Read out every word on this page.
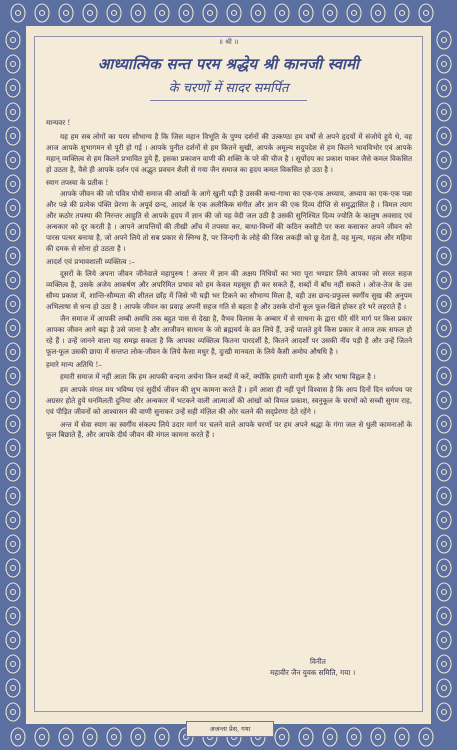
॥ श्री ॥
आध्यात्मिक सन्त परम श्रद्धेय श्री कानजी स्वामी
के चरणों में सादर समर्पित

मान्यवर !

यह हम सब लोगों का परम सौभाग्य है कि जिस महान विभूति के पुण्य दर्शनों की उत्कण्ठा हम वर्षों से अपने हृदयों में संजोये हुये थे, वह आज आपके शुभागमन से पूरी हो गई । आपके पुनीत दर्शनों से हम कितने सुखी, आपके अमूल्य सदुपदेश से हम कितने भावविभोर एवं आपके महान् व्यक्तित्व से हम कितने प्रभावित हुये हैं, इसका प्रकाशन वाणी की शक्ति के परे की चीज है । सूर्योदय का प्रकाश पाकर जैसे कमल विकसित हो उठता है, वैसे ही आपके दर्शन एवं अद्भुत प्रवचन शैली से गया जैन समाज का हृदय कमल विकसित हो उठा है ।

स्याग तपस्या के प्रतीक !

आपके जीवन की जो पवित्र पोथी समाज की आंखों के आगे खुली पड़ी है उसकी कथा-गाथा का एक-एक अध्याय, अध्याय का एक-एक पन्ना और पन्ने की प्रत्येक पंक्ति प्रेरणा के अपूर्व छन्द, आदर्श के एक अलौकिक संगीत और ज्ञान की एक दिव्य दीप्ति से समुद्भासित है । विमल त्याग और कठोर तपस्या की निरन्तर आहुति से आपके हृदय में ज्ञान की जो यह वेदी जल उठी है उसकी सुनिश्चित दिव्य ज्योति के कालुष अवसाद एवं अन्धकार को दूर करती है । आपने आपत्तियों की तीखी आँच में तपस्या कर, बाधा-विघ्नों की कठिन कसौटी पर कस कसाकर अपने जीवन को पारस पत्थर बनाया है, जो अपने लिये तो सब प्रकार से स्निग्ध है, पर जिन्दगी के लोहे की जिस लकड़ी को छू देता है, वह मूल्य, महत्व और महिमा की दमक से सोना हो उठता है ।

आदर्श एवं प्रभावशाली व्यक्तित्व :–

दूसरों के लिये अपना जीवन जीनेवाले महापुरुष ! अन्तर में ज्ञान की अक्षय निधियों का भरा पूरा भण्डार लिये आपका जो सरल सहज व्यक्तित्व है, उसके अजेय आकर्षण और अपरिमित प्रभाव को हम केवल महसूस ही कर सकते हैं, शब्दों में बाँध नहीं सकते । ओज-तेज के उस सौम्य प्रकाश में, शान्ति-सौम्यता की शीतल छाँह में जिसे भी घड़ी भर टिकने का सौभाग्य मिला है, वही उस छन्द-प्रफुल्ल स्वर्गीय सुख की अनुपम अभिलाषा से धन्य हो उठा है । आपके जीवन का प्रवाह अपनी सहज गति से बहता है और उसके दोनों कूल फूल-खिले होकर हरे भरे लहराते हैं ।

जैन समाज में आपकी लम्बी अवधि तक बहुत पास से देखा है, वैभव विलास के अम्बार में से साधना के द्वारा धीरे धीरे मार्ग पर किस प्रकार आपका जीवन आगे बढ़ा है उसे जाना है और आजीवन साधना के जो ब्रह्मचर्य के व्रत लिये हैं, उन्हें पालते हुये किस प्रकार वे आज तक सफल हो रहे हैं । उन्हें जानने वाला यह समझ सकता है कि आपका व्यक्तित्व कितना पारदर्शी है, कितने आदर्शों पर उसकी नींव पड़ी है और उन्हें जितने फूल-फूल उसकी छाया में सन्तप्त लोक-जीवन के लिये कैसा मधुर है, दुःखी मानवता के लिये कैसी अमोघ औषधि है ।

हमारे मान्य अतिथि !–

हमारी समाज में नहीं आता कि हम आपकी वन्दना अर्चना किन शब्दों में करें, क्योंकि हमारी वाणी मूक है और भाषा विह्वल है ।

हम आपके मंगल मय भविष्य एवं सुदीर्घ जीवन की शुभ कामना करते हैं । हमें आशा ही नहीं पूर्ण विश्वास है कि आप दिनों दिन धर्मपथ पर अग्रसर होते हुये धनमिलती दुनिया और अन्धकार में भटकने वाली आत्माओं की आंखों को विमल प्रकाश, स्वनुकूल के चरणों को सच्ची सुगम राह, एवं पीड़ित जीवनों को आश्वासन की वाणी सुनाकर उन्हें सही मंज़िल की ओर चलने की सद्प्रेरणा देते रहेंगे ।

अन्त में सेवा स्याग का स्वर्गीय संकल्प लिये उदार मार्ग पर चलने वाले आपके चरणों पर हम अपने श्रद्धा के गंगा जल से धुली कामनाओं के फूल बिछाते हैं, और आपके दीर्घ जीवन की मंगल कामना करते हैं ।

विनीत
महावीर जैन युवक समिति, गया ।
अजन्ता प्रेस, गया
